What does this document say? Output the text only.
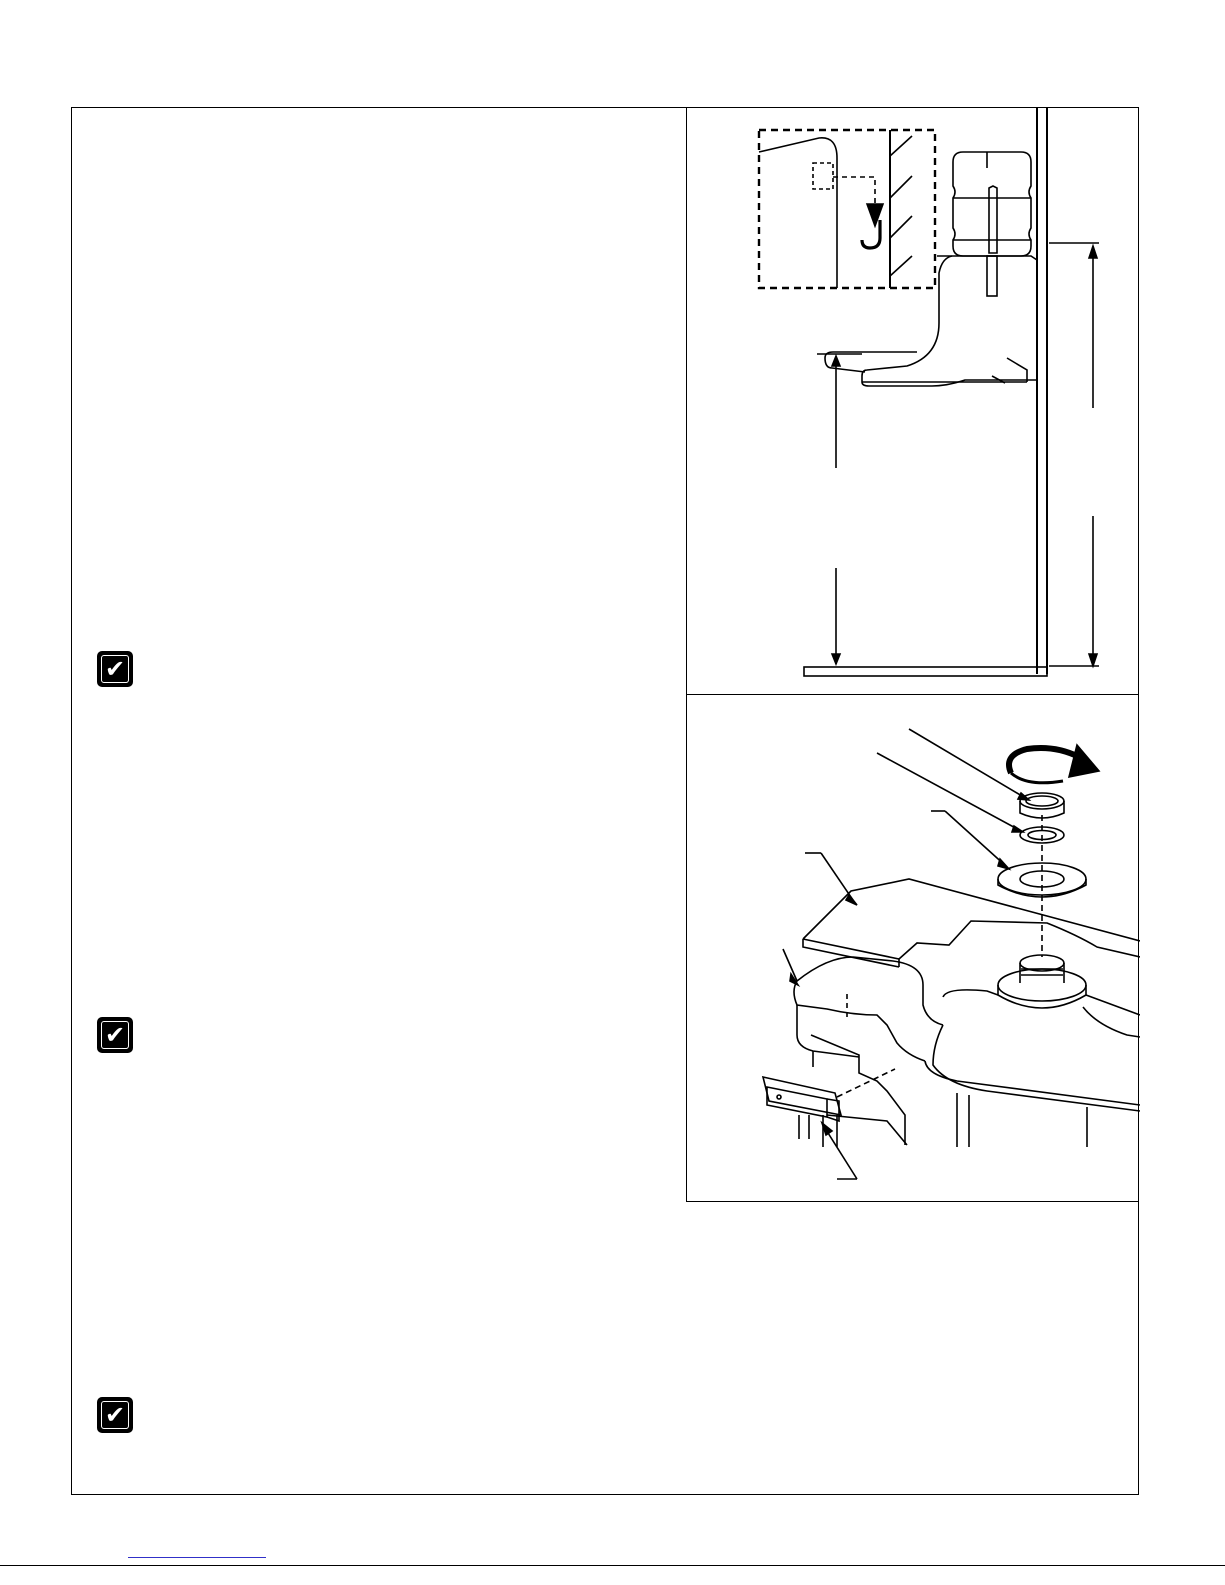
✔
✔
✔
